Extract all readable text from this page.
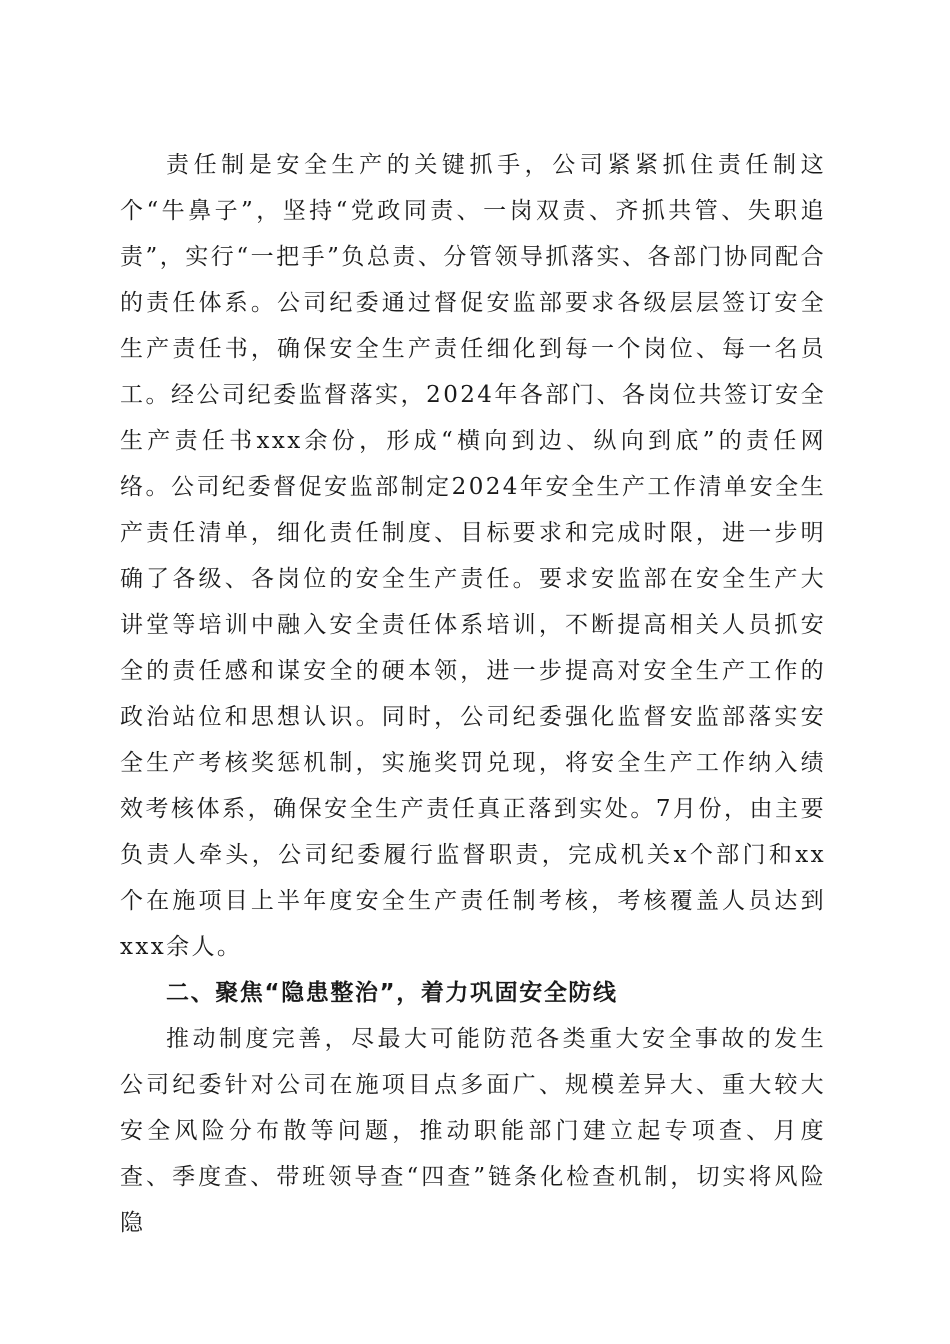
责任制是安全生产的关键抓手，公司紧紧抓住责任制这个“牛鼻子”，坚持“党政同责、一岗双责、齐抓共管、失职追责”，实行“一把手”负总责、分管领导抓落实、各部门协同配合的责任体系。公司纪委通过督促安监部要求各级层层签订安全生产责任书，确保安全生产责任细化到每一个岗位、每一名员工。经公司纪委监督落实，2024年各部门、各岗位共签订安全生产责任书xxx余份，形成“横向到边、纵向到底”的责任网络。公司纪委督促安监部制定2024年安全生产工作清单安全生产责任清单，细化责任制度、目标要求和完成时限，进一步明确了各级、各岗位的安全生产责任。要求安监部在安全生产大讲堂等培训中融入安全责任体系培训，不断提高相关人员抓安全的责任感和谋安全的硬本领，进一步提高对安全生产工作的政治站位和思想认识。同时，公司纪委强化监督安监部落实安全生产考核奖惩机制，实施奖罚兑现，将安全生产工作纳入绩效考核体系，确保安全生产责任真正落到实处。7月份，由主要负责人牵头，公司纪委履行监督职责，完成机关x个部门和xx个在施项目上半年度安全生产责任制考核，考核覆盖人员达到xxx余人。

二、聚焦“隐患整治”，着力巩固安全防线

推动制度完善，尽最大可能防范各类重大安全事故的发生公司纪委针对公司在施项目点多面广、规模差异大、重大较大安全风险分布散等问题，推动职能部门建立起专项查、月度查、季度查、带班领导查“四查”链条化检查机制，切实将风险隐
